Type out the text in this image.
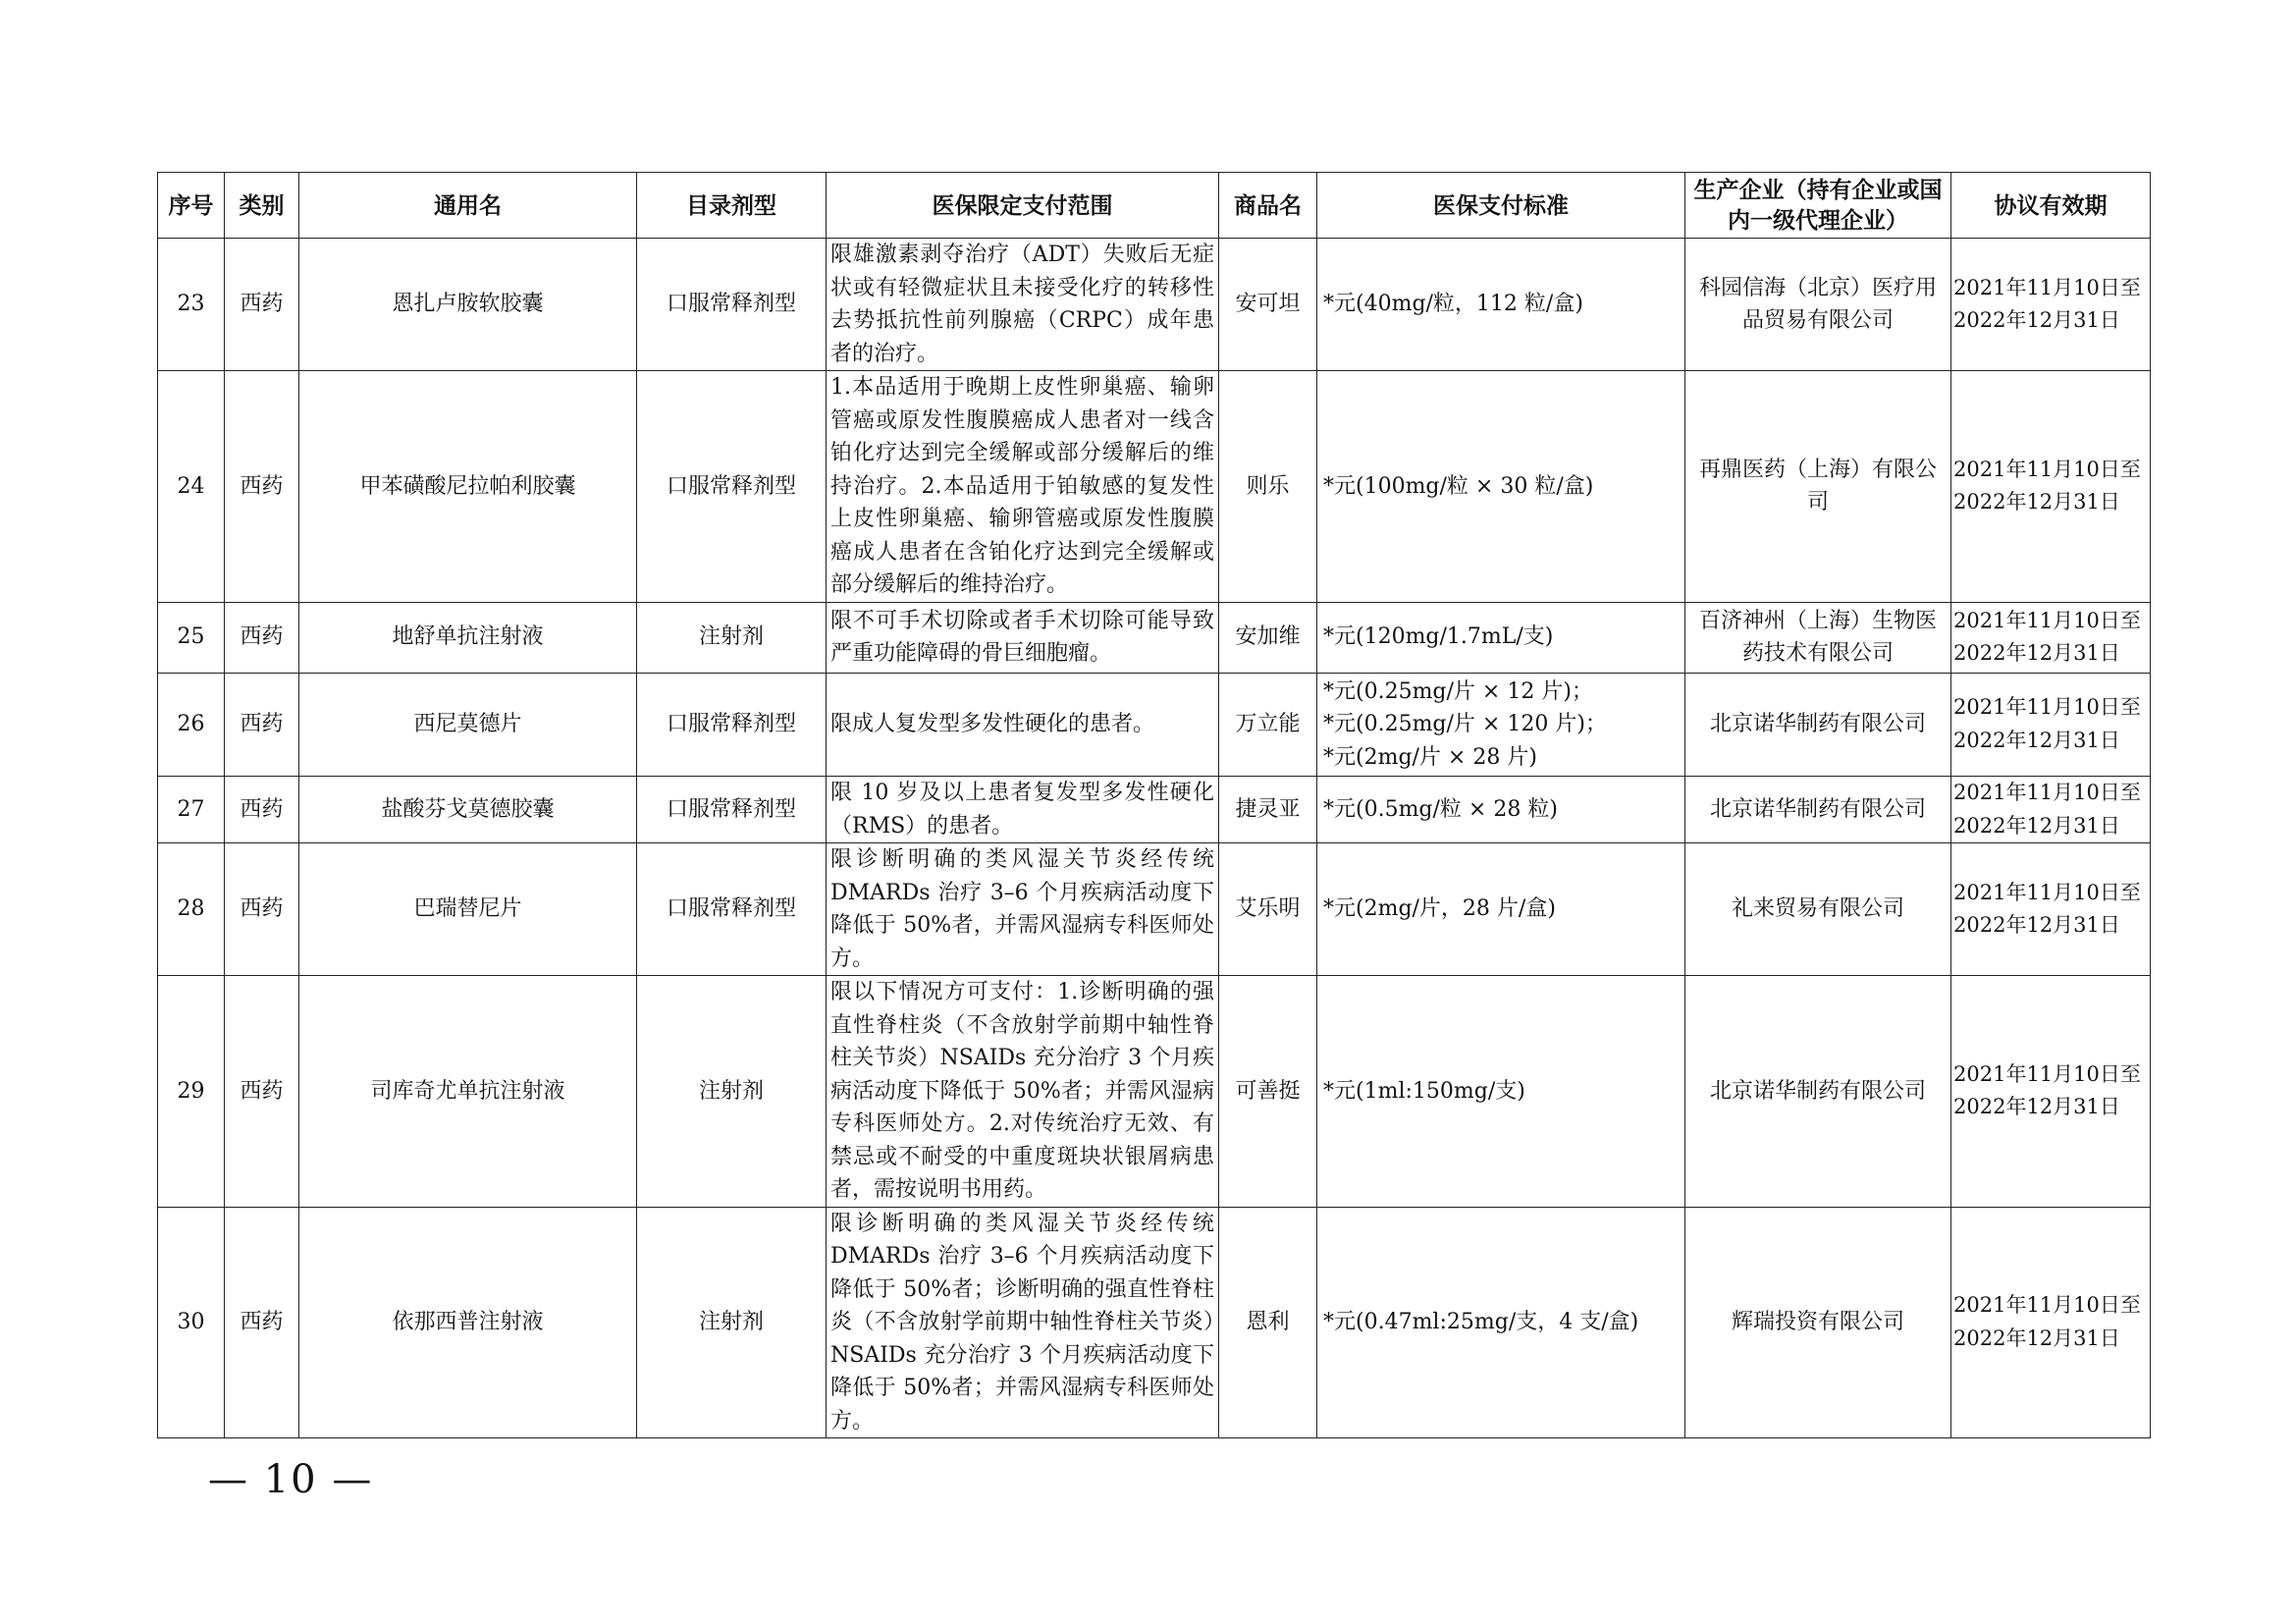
序号	类别	通用名	目录剂型	医保限定支付范围	商品名	医保支付标准	生产企业（持有企业或国内一级代理企业）	协议有效期
23	西药	恩扎卢胺软胶囊	口服常释剂型	限雄激素剥夺治疗（ADT）失败后无症状或有轻微症状且未接受化疗的转移性去势抵抗性前列腺癌（CRPC）成年患者的治疗。	安可坦	*元(40mg/粒，112 粒/盒)	科园信海（北京）医疗用品贸易有限公司	2021年11月10日至
2022年12月31日

24	西药	甲苯磺酸尼拉帕利胶囊	口服常释剂型	1.本品适用于晚期上皮性卵巢癌、输卵管癌或原发性腹膜癌成人患者对一线含铂化疗达到完全缓解或部分缓解后的维持治疗。2.本品适用于铂敏感的复发性上皮性卵巢癌、输卵管癌或原发性腹膜癌成人患者在含铂化疗达到完全缓解或部分缓解后的维持治疗。	则乐	*元(100mg/粒 × 30 粒/盒)	再鼎医药（上海）有限公司	2021年11月10日至
2022年12月31日

25	西药	地舒单抗注射液	注射剂	限不可手术切除或者手术切除可能导致严重功能障碍的骨巨细胞瘤。	安加维	*元(120mg/1.7mL/支)	百济神州（上海）生物医药技术有限公司	2021年11月10日至
2022年12月31日

26	西药	西尼莫德片	口服常释剂型	限成人复发型多发性硬化的患者。	万立能	*元(0.25mg/片 × 12 片)；
*元(0.25mg/片 × 120 片)；
*元(2mg/片 × 28 片)	北京诺华制药有限公司	2021年11月10日至
2022年12月31日

27	西药	盐酸芬戈莫德胶囊	口服常释剂型	限 10 岁及以上患者复发型多发性硬化（RMS）的患者。	捷灵亚	*元(0.5mg/粒 × 28 粒)	北京诺华制药有限公司	2021年11月10日至
2022年12月31日

28	西药	巴瑞替尼片	口服常释剂型	限诊断明确的类风湿关节炎经传统 DMARDs 治疗 3–6 个月疾病活动度下降低于 50%者，并需风湿病专科医师处方。	艾乐明	*元(2mg/片，28 片/盒)	礼来贸易有限公司	2021年11月10日至
2022年12月31日

29	西药	司库奇尤单抗注射液	注射剂	限以下情况方可支付：1.诊断明确的强直性脊柱炎（不含放射学前期中轴性脊柱关节炎）NSAIDs 充分治疗 3 个月疾病活动度下降低于 50%者；并需风湿病专科医师处方。2.对传统治疗无效、有禁忌或不耐受的中重度斑块状银屑病患者，需按说明书用药。	可善挺	*元(1ml:150mg/支)	北京诺华制药有限公司	2021年11月10日至
2022年12月31日

30	西药	依那西普注射液	注射剂	限诊断明确的类风湿关节炎经传统 DMARDs 治疗 3–6 个月疾病活动度下降低于 50%者；诊断明确的强直性脊柱炎（不含放射学前期中轴性脊柱关节炎）NSAIDs 充分治疗 3 个月疾病活动度下降低于 50%者；并需风湿病专科医师处方。	恩利	*元(0.47ml:25mg/支，4 支/盒)	辉瑞投资有限公司	2021年11月10日至
2022年12月31日
— 10 —
